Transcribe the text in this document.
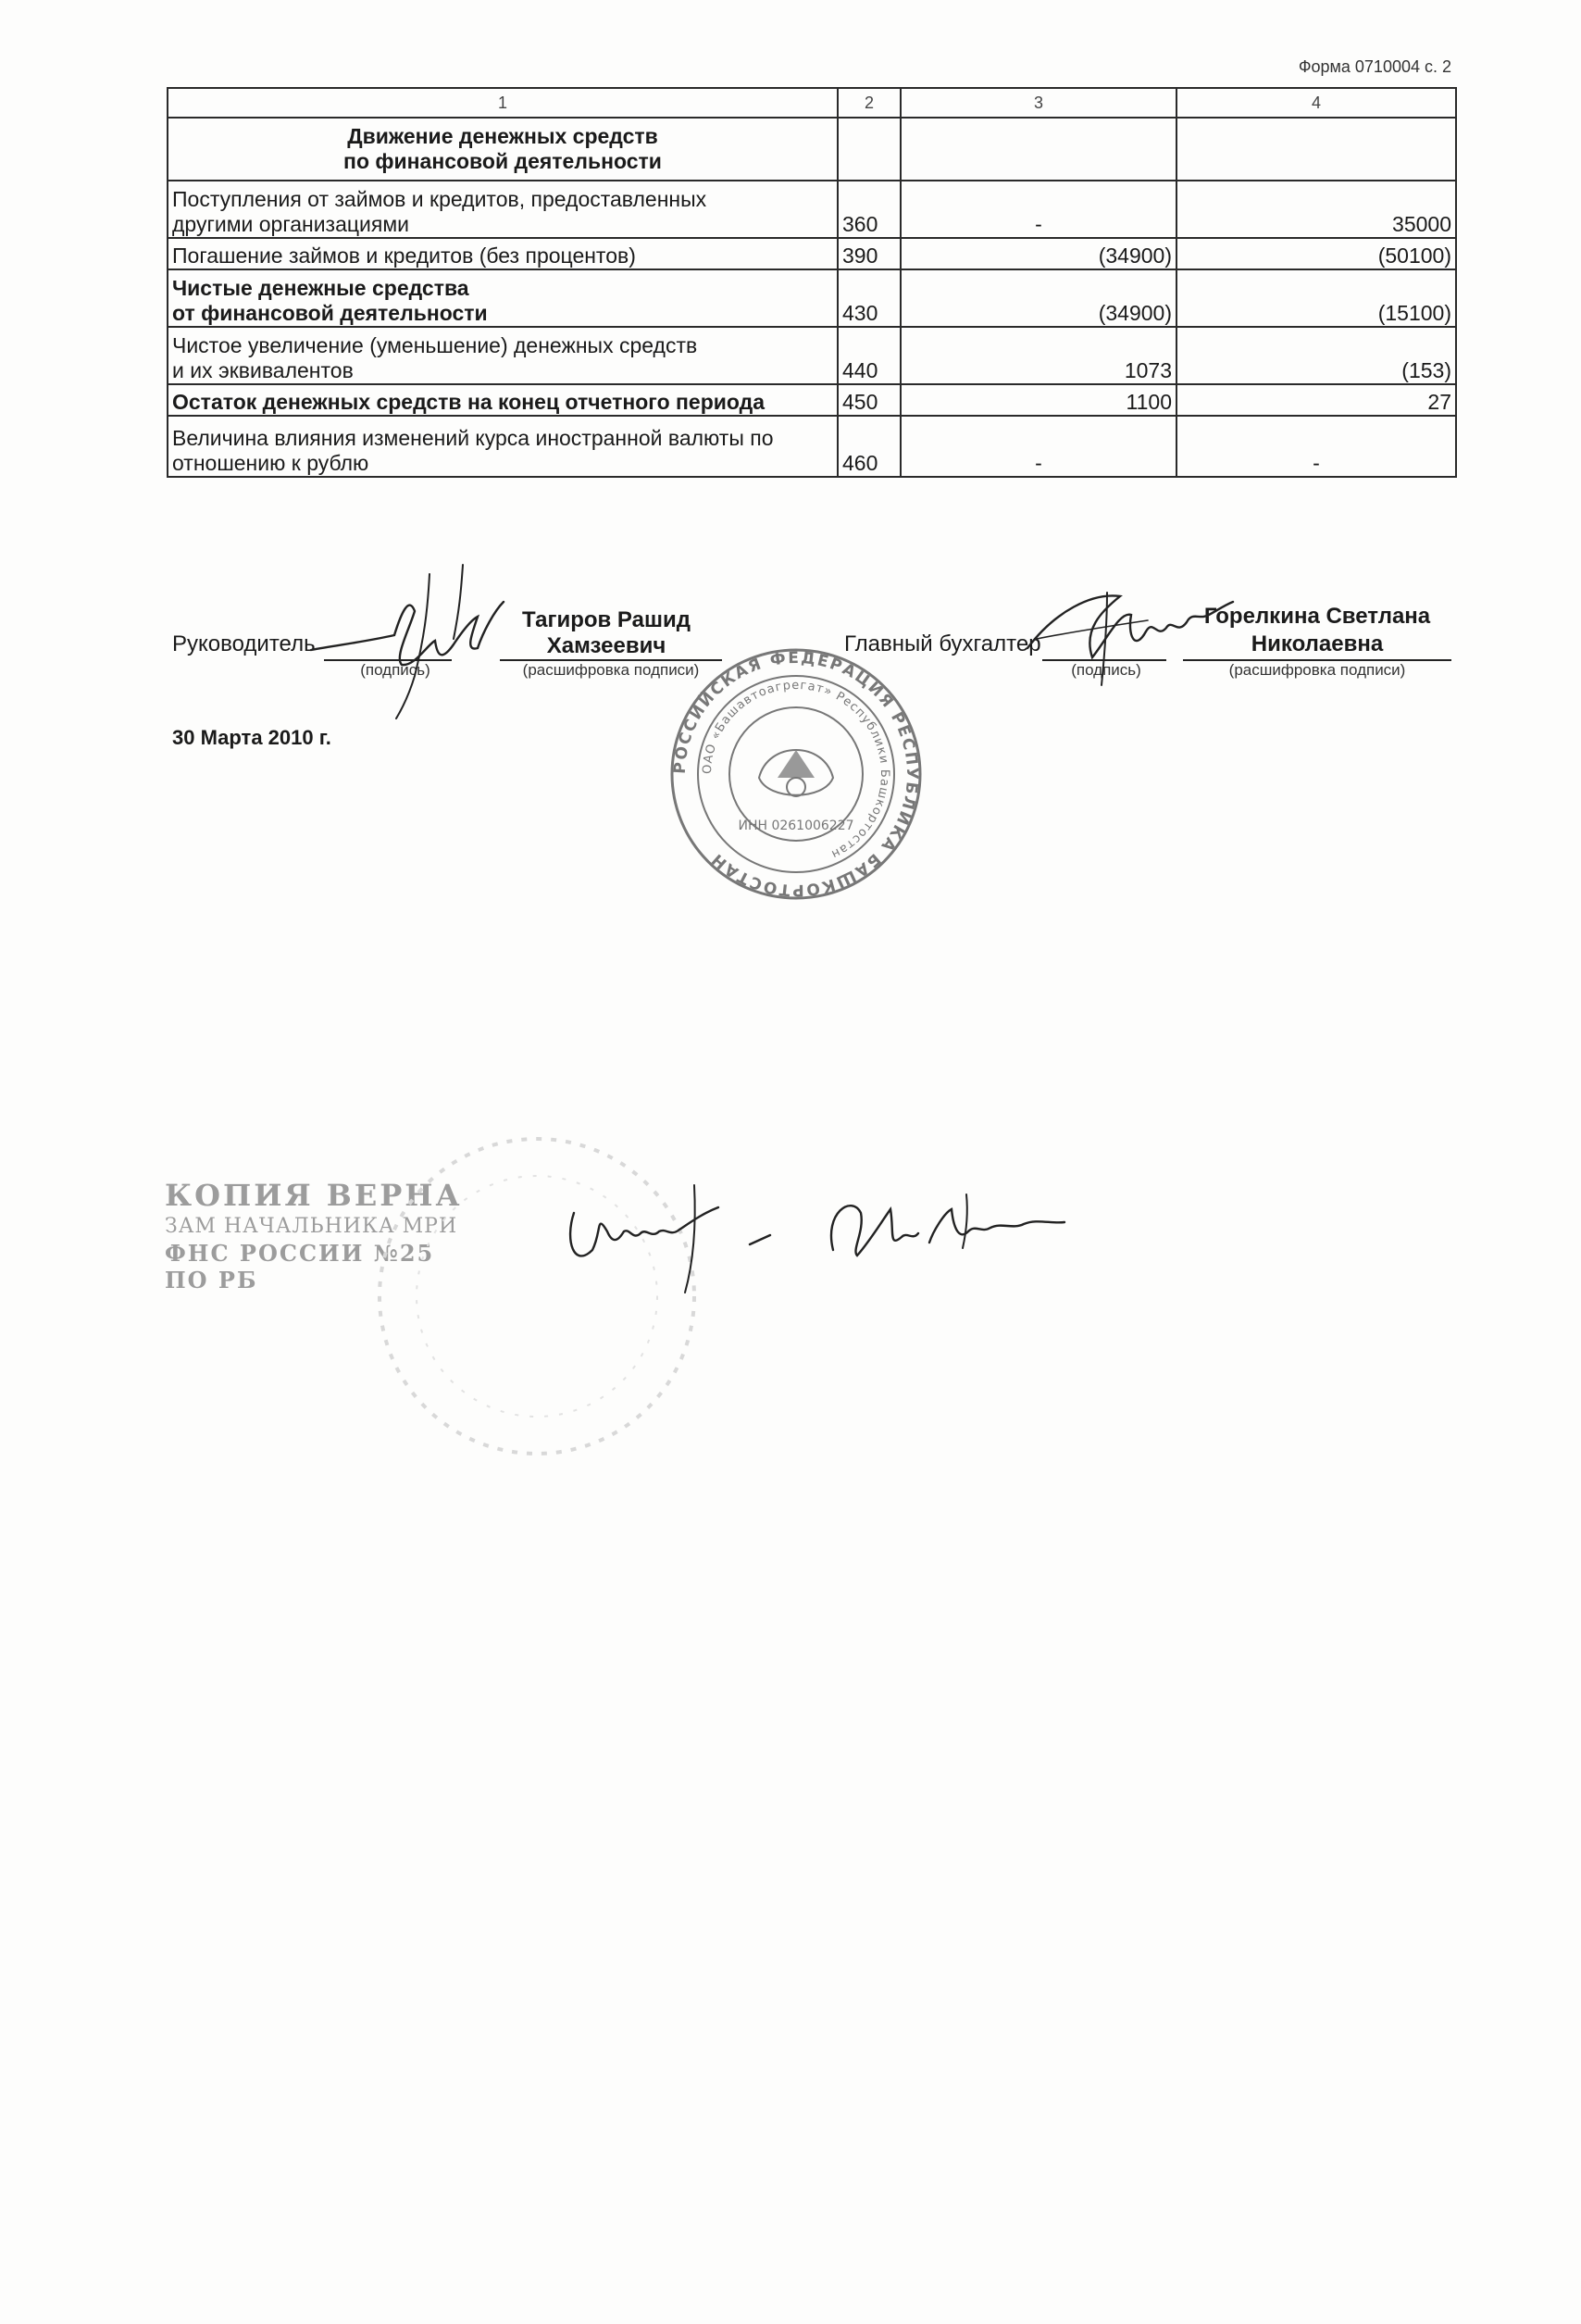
Форма 0710004 с. 2
1	2	3	4

Движение денежных средств
по финансовой деятельности			

Поступления от займов и кредитов, предоставленных
другими организациями	360	-	35000
Погашение займов и кредитов (без процентов)	390	(34900)	(50100)

Чистые денежные средства
от финансовой деятельности	430	(34900)	(15100)

Чистое увеличение (уменьшение) денежных средств
и их эквивалентов	440	1073	(153)
Остаток денежных средств на конец отчетного периода	450	1100	27

Величина влияния изменений курса иностранной валюты по
отношению к рублю	460	-	-
Руководитель
(подпись)
Тагиров Рашид
Хамзеевич
(расшифровка подписи)
Главный бухгалтер
(подпись)
Горелкина Светлана
Николаевна
(расшифровка подписи)
30 Марта 2010 г.
РОССИЙСКАЯ ФЕДЕРАЦИЯ РЕСПУБЛИКА БАШКОРТОСТАН
ОАО «Башавтоагрегат» Республики Башкортостан
ИНН 0261006227
КОПИЯ ВЕРНА
ЗАМ НАЧАЛЬНИКА МРИ
ФНС РОССИИ №25 ПО РБ
